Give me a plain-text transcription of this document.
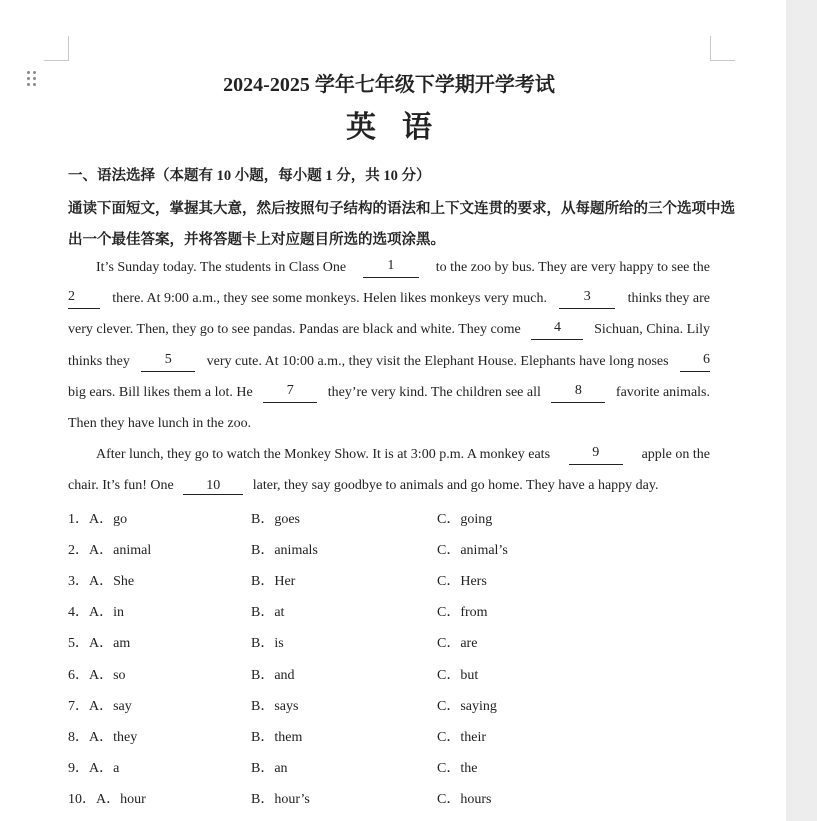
2024-2025 学年七年级下学期开学考试
英语
一、语法选择（本题有 10 小题，每小题 1 分，共 10 分）
通读下面短文，掌握其大意，然后按照句子结构的语法和上下文连贯的要求，从每题所给的三个选项中选
出一个最佳答案，并将答题卡上对应题目所选的选项涂黑。
It’s Sunday today. The students in Class One	1	to the zoo by bus. They are very happy to see the
2	there. At 9:00 a.m., they see some monkeys. Helen likes monkeys very much.	3	thinks they are
very clever. Then, they go to see pandas. Pandas are black and white. They come	4	Sichuan, China. Lily
thinks they	5	very cute. At 10:00 a.m., they visit the Elephant House. Elephants have long noses	6
big ears. Bill likes them a lot. He	7	they’re very kind. The children see all	8	favorite animals.
Then they have lunch in the zoo.
After lunch, they go to watch the Monkey Show. It is at 3:00 p.m. A monkey eats	9	apple on the
chair. It’s fun! One 10 later, they say goodbye to animals and go home. They have a happy day.
1．A．go	B．goes	C．going
2．A．animal	B．animals	C．animal’s
3．A．She	B．Her	C．Hers
4．A．in	B．at	C．from
5．A．am	B．is	C．are
6．A．so	B．and	C．but
7．A．say	B．says	C．saying
8．A．they	B．them	C．their
9．A．a	B．an	C．the
10．A．hour	B．hour’s	C．hours
